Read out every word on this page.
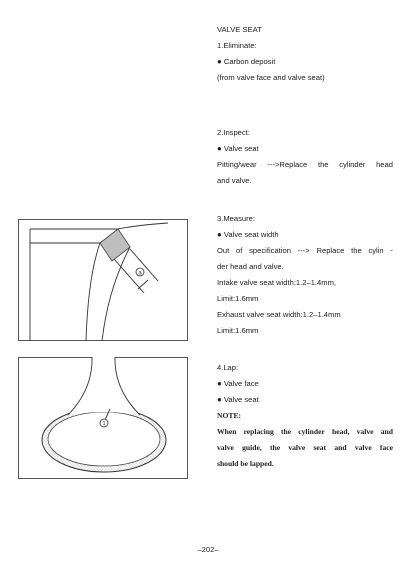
VALVE SEAT
1.Eliminate:
● Carbon deposit
(from valve face and valve seat)
2.Inspect:
● Valve seat
Pitting/wear --->Replace the cylinder head
and valve.
3.Measure:
● Valve seat width
Out of specification ---> Replace the cylin -
der head and valve.
Intake valve seat width:1.2–1.4mm,
Limit:1.6mm
Exhaust valve seat width:1.2–1.4mm
Limit:1.6mm
4.Lap:
● Valve face
● Valve seat
NOTE:
When replacing the cylinder head, valve and
valve guide, the valve seat and valve face
should be lapped.
a
1
–202–
